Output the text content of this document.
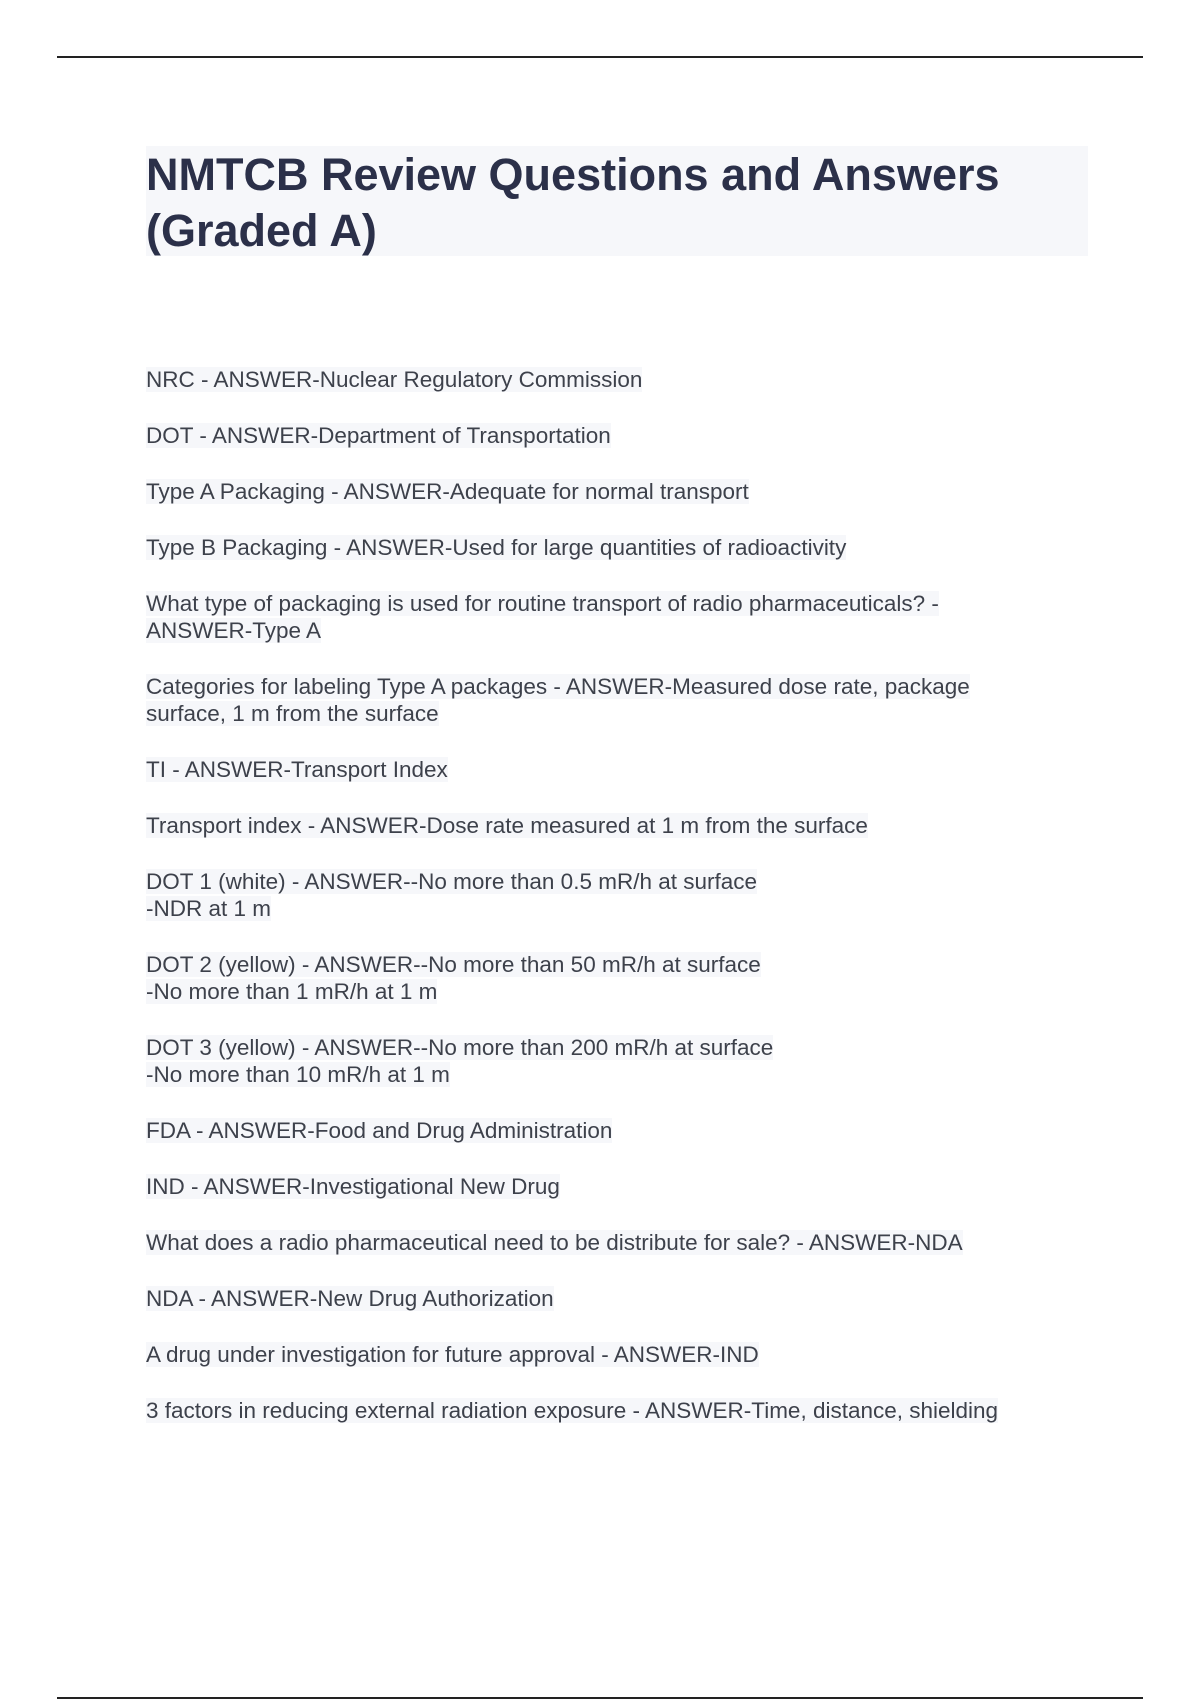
NMTCB Review Questions and Answers (Graded A)
NRC - ANSWER-Nuclear Regulatory Commission
DOT - ANSWER-Department of Transportation
Type A Packaging - ANSWER-Adequate for normal transport
Type B Packaging - ANSWER-Used for large quantities of radioactivity
What type of packaging is used for routine transport of radio pharmaceuticals? -
ANSWER-Type A
Categories for labeling Type A packages - ANSWER-Measured dose rate, package
surface, 1 m from the surface
TI - ANSWER-Transport Index
Transport index - ANSWER-Dose rate measured at 1 m from the surface
DOT 1 (white) - ANSWER--No more than 0.5 mR/h at surface
-NDR at 1 m
DOT 2 (yellow) - ANSWER--No more than 50 mR/h at surface
-No more than 1 mR/h at 1 m
DOT 3 (yellow) - ANSWER--No more than 200 mR/h at surface
-No more than 10 mR/h at 1 m
FDA - ANSWER-Food and Drug Administration
IND - ANSWER-Investigational New Drug
What does a radio pharmaceutical need to be distribute for sale? - ANSWER-NDA
NDA - ANSWER-New Drug Authorization
A drug under investigation for future approval - ANSWER-IND
3 factors in reducing external radiation exposure - ANSWER-Time, distance, shielding
